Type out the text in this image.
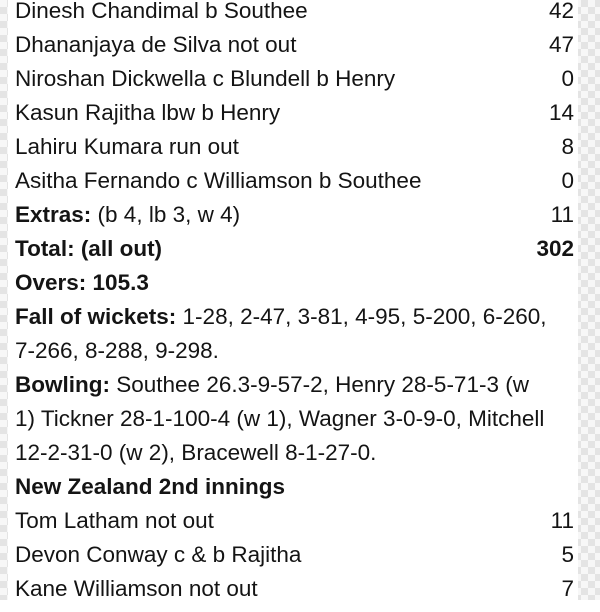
Dinesh Chandimal b Southee	42
Dhananjaya de Silva not out	47
Niroshan Dickwella c Blundell b Henry	0
Kasun Rajitha lbw b Henry	14
Lahiru Kumara run out	8
Asitha Fernando c Williamson b Southee	0
Extras: (b 4, lb 3, w 4)	11
Total: (all out)	302
Overs: 105.3
Fall of wickets: 1-28, 2-47, 3-81, 4-95, 5-200, 6-260,
7-266, 8-288, 9-298.
Bowling: Southee 26.3-9-57-2, Henry 28-5-71-3 (w
1) Tickner 28-1-100-4 (w 1), Wagner 3-0-9-0, Mitchell
12-2-31-0 (w 2), Bracewell 8-1-27-0.
New Zealand 2nd innings
Tom Latham not out	11
Devon Conway c & b Rajitha	5
Kane Williamson not out	7
